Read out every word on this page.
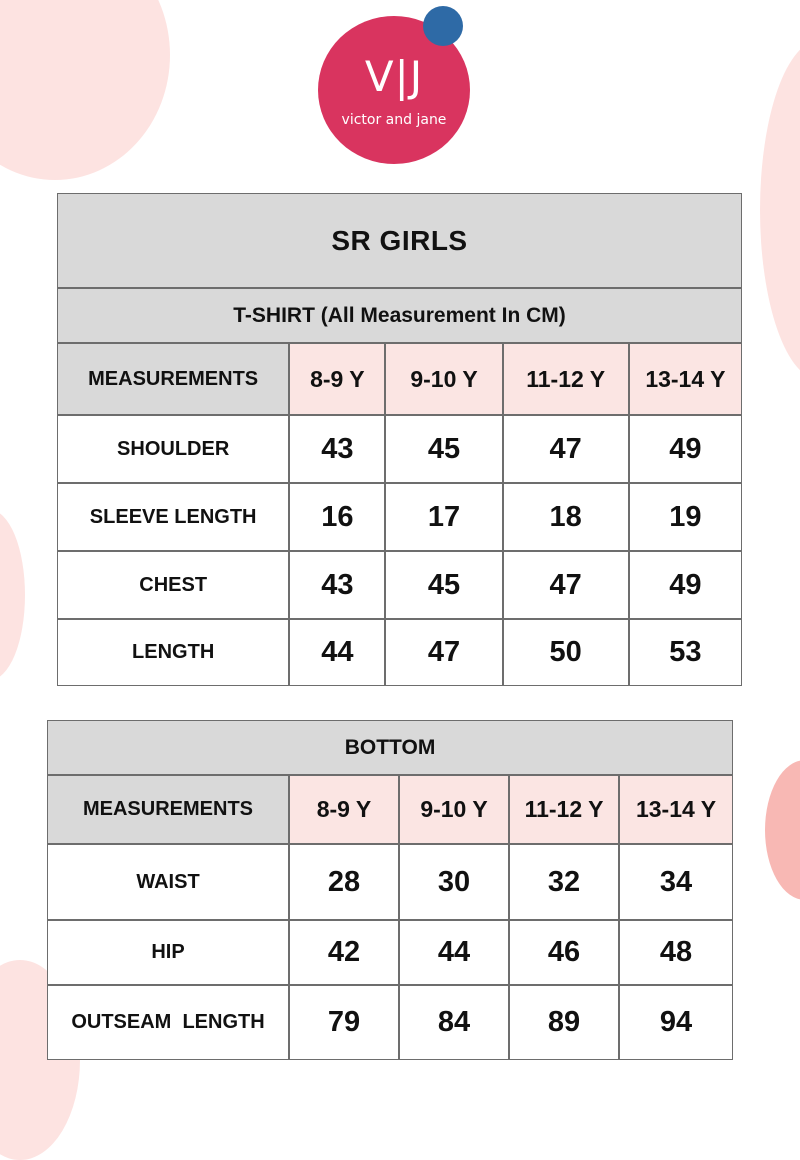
V|J
victor and jane
SR GIRLS				
T-SHIRT (All Measurement In CM)				
MEASUREMENTS	8-9 Y	9-10 Y	11-12 Y	13-14 Y
SHOULDER	43	45	47	49
SLEEVE LENGTH	16	17	18	19
CHEST	43	45	47	49
LENGTH	44	47	50	53
BOTTOM				
MEASUREMENTS	8-9 Y	9-10 Y	11-12 Y	13-14 Y
WAIST	28	30	32	34
HIP	42	44	46	48
OUTSEAM  LENGTH	79	84	89	94
